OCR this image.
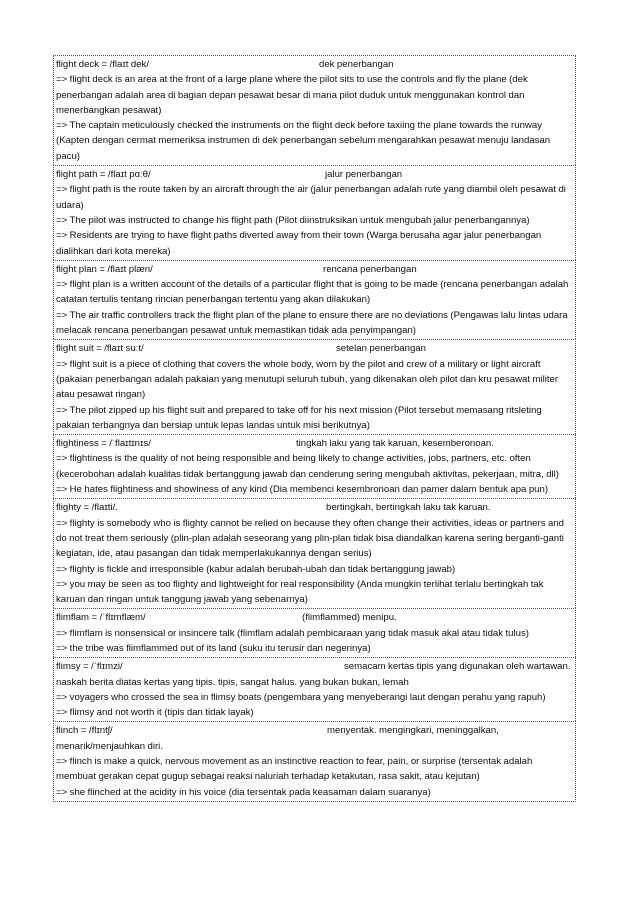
flight deck = /flaɪt dek/	dek penerbangan
=> flight deck is an area at the front of a large plane where the pilot sits to use the controls and fly the plane (dek penerbangan adalah area di bagian depan pesawat besar di mana pilot duduk untuk menggunakan kontrol dan menerbangkan pesawat)
=> The captain meticulously checked the instruments on the flight deck before taxiing the plane towards the runway (Kapten dengan cermat memeriksa instrumen di dek penerbangan sebelum mengarahkan pesawat menuju landasan pacu)
flight path = /flaɪt pɑːθ/	jalur penerbangan
=> flight path is the route taken by an aircraft through the air (jalur penerbangan adalah rute yang diambil oleh pesawat di udara)
=> The pilot was instructed to change his flight path (Pilot diinstruksikan untuk mengubah jalur penerbangannya)
=> Residents are trying to have flight paths diverted away from their town (Warga berusaha agar jalur penerbangan dialihkan dari kota mereka)
flight plan = /flaɪt plæn/	rencana penerbangan
=> flight plan is a written account of the details of a particular flight that is going to be made (rencana penerbangan adalah catatan tertulis tentang rincian penerbangan tertentu yang akan dilakukan)
=> The air traffic controllers track the flight plan of the plane to ensure there are no deviations (Pengawas lalu lintas udara melacak rencana penerbangan pesawat untuk memastikan tidak ada penyimpangan)
flight suit = /flaɪt suːt/	setelan penerbangan
=> flight suit is a piece of clothing that covers the whole body, worn by the pilot and crew of a military or light aircraft (pakaian penerbangan adalah pakaian yang menutupi seluruh tubuh, yang dikenakan oleh pilot dan kru pesawat militer atau pesawat ringan)
=> The pilot zipped up his flight suit and prepared to take off for his next mission (Pilot tersebut memasang ritsleting pakaian terbangnya dan bersiap untuk lepas landas untuk misi berikutnya)
flightiness = /ˈflaɪtɪnɪs/	tingkah laku yang tak karuan, kesemberonoan.
=> flightiness is the quality of not being responsible and being likely to change activities, jobs, partners, etc. often (kecerobohan adalah kualitas tidak bertanggung jawab dan cenderung sering mengubah aktivitas, pekerjaan, mitra, dll)
=> He hates flightiness and showiness of any kind (Dia membenci kesembronoan dan pamer dalam bentuk apa pun)
flighty = /flaɪti/.	bertingkah, bertingkah laku tak karuan.
=> flighty is somebody who is flighty cannot be relied on because they often change their activities, ideas or partners and do not treat them seriously (plin-plan adalah seseorang yang plin-plan tidak bisa diandalkan karena sering berganti-ganti kegiatan, ide, atau pasangan dan tidak memperlakukannya dengan serius)
=> flighty is fickle and irresponsible (kabur adalah berubah-ubah dan tidak bertanggung jawab)
=> you may be seen as too flighty and lightweight for real responsibility (Anda mungkin terlihat terlalu bertingkah tak karuan dan ringan untuk tanggung jawab yang sebenarnya)
flimflam = /ˈflɪmflæm/	(flimflammed) menipu.
=> flimflam is nonsensical or insincere talk (flimflam adalah pembicaraan yang tidak masuk akal atau tidak tulus)
=> the tribe was flimflammed out of its land (suku itu terusir dari negerinya)
flimsy = /ˈflɪmzi/	semacam kertas tipis yang digunakan oleh wartawan. naskah berita diatas kertas yang tipis. tipis, sangat halus. yang bukan bukan, lemah
=> voyagers who crossed the sea in flimsy boats (pengembara yang menyeberangi laut dengan perahu yang rapuh)
=> flimsy and not worth it (tipis dan tidak layak)
flinch = /flɪntʃ/	menyentak. mengingkari, meninggalkan, menarik/menjauhkan diri.
=> flinch is make a quick, nervous movement as an instinctive reaction to fear, pain, or surprise (tersentak adalah membuat gerakan cepat gugup sebagai reaksi naluriah terhadap ketakutan, rasa sakit, atau kejutan)
=> she flinched at the acidity in his voice (dia tersentak pada keasaman dalam suaranya)
